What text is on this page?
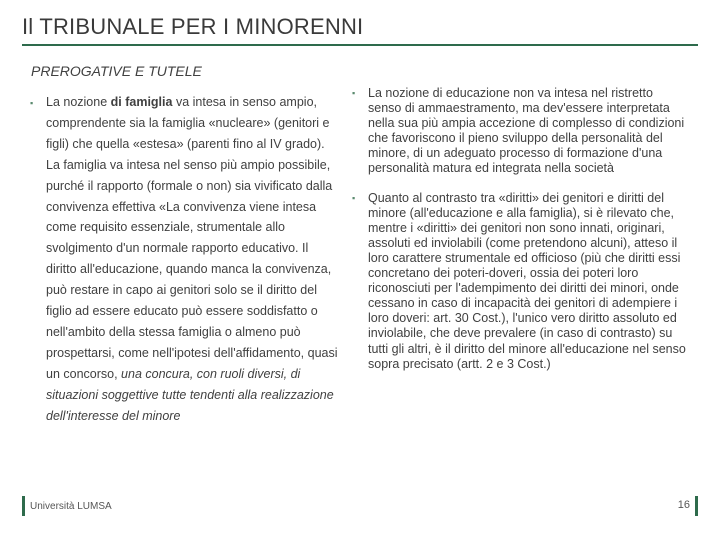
Il TRIBUNALE PER I MINORENNI
PREROGATIVE E TUTELE
▪ La nozione di famiglia va intesa in senso ampio, comprendente sia la famiglia «nucleare» (genitori e figli) che quella «estesa» (parenti fino al IV grado). La famiglia va intesa nel senso più ampio possibile, purché il rapporto (formale o non) sia vivificato dalla convivenza effettiva «La convivenza viene intesa come requisito essenziale, strumentale allo svolgimento d'un normale rapporto educativo. Il diritto all'educazione, quando manca la convivenza, può restare in capo ai genitori solo se il diritto del figlio ad essere educato può essere soddisfatto o nell'ambito della stessa famiglia o almeno può prospettarsi, come nell'ipotesi dell'affidamento, quasi un concorso, una concura, con ruoli diversi, di situazioni soggettive tutte tendenti alla realizzazione dell'interesse del minore
▪ La nozione di educazione non va intesa nel ristretto senso di ammaestramento, ma dev'essere interpretata nella sua più ampia accezione di complesso di condizioni che favoriscono il pieno sviluppo della personalità del minore, di un adeguato processo di formazione d'una personalità matura ed integrata nella società
▪ Quanto al contrasto tra «diritti» dei genitori e diritti del minore (all'educazione e alla famiglia), si è rilevato che, mentre i «diritti» dei genitori non sono innati, originari, assoluti ed inviolabili (come pretendono alcuni), atteso il loro carattere strumentale ed officioso (più che diritti essi concretano dei poteri-doveri, ossia dei poteri loro riconosciuti per l'adempimento dei diritti dei minori, onde cessano in caso di incapacità dei genitori di adempiere i loro doveri: art. 30 Cost.), l'unico vero diritto assoluto ed inviolabile, che deve prevalere (in caso di contrasto) su tutti gli altri, è il diritto del minore all'educazione nel senso sopra precisato (artt. 2 e 3 Cost.)
Università LUMSA	16
